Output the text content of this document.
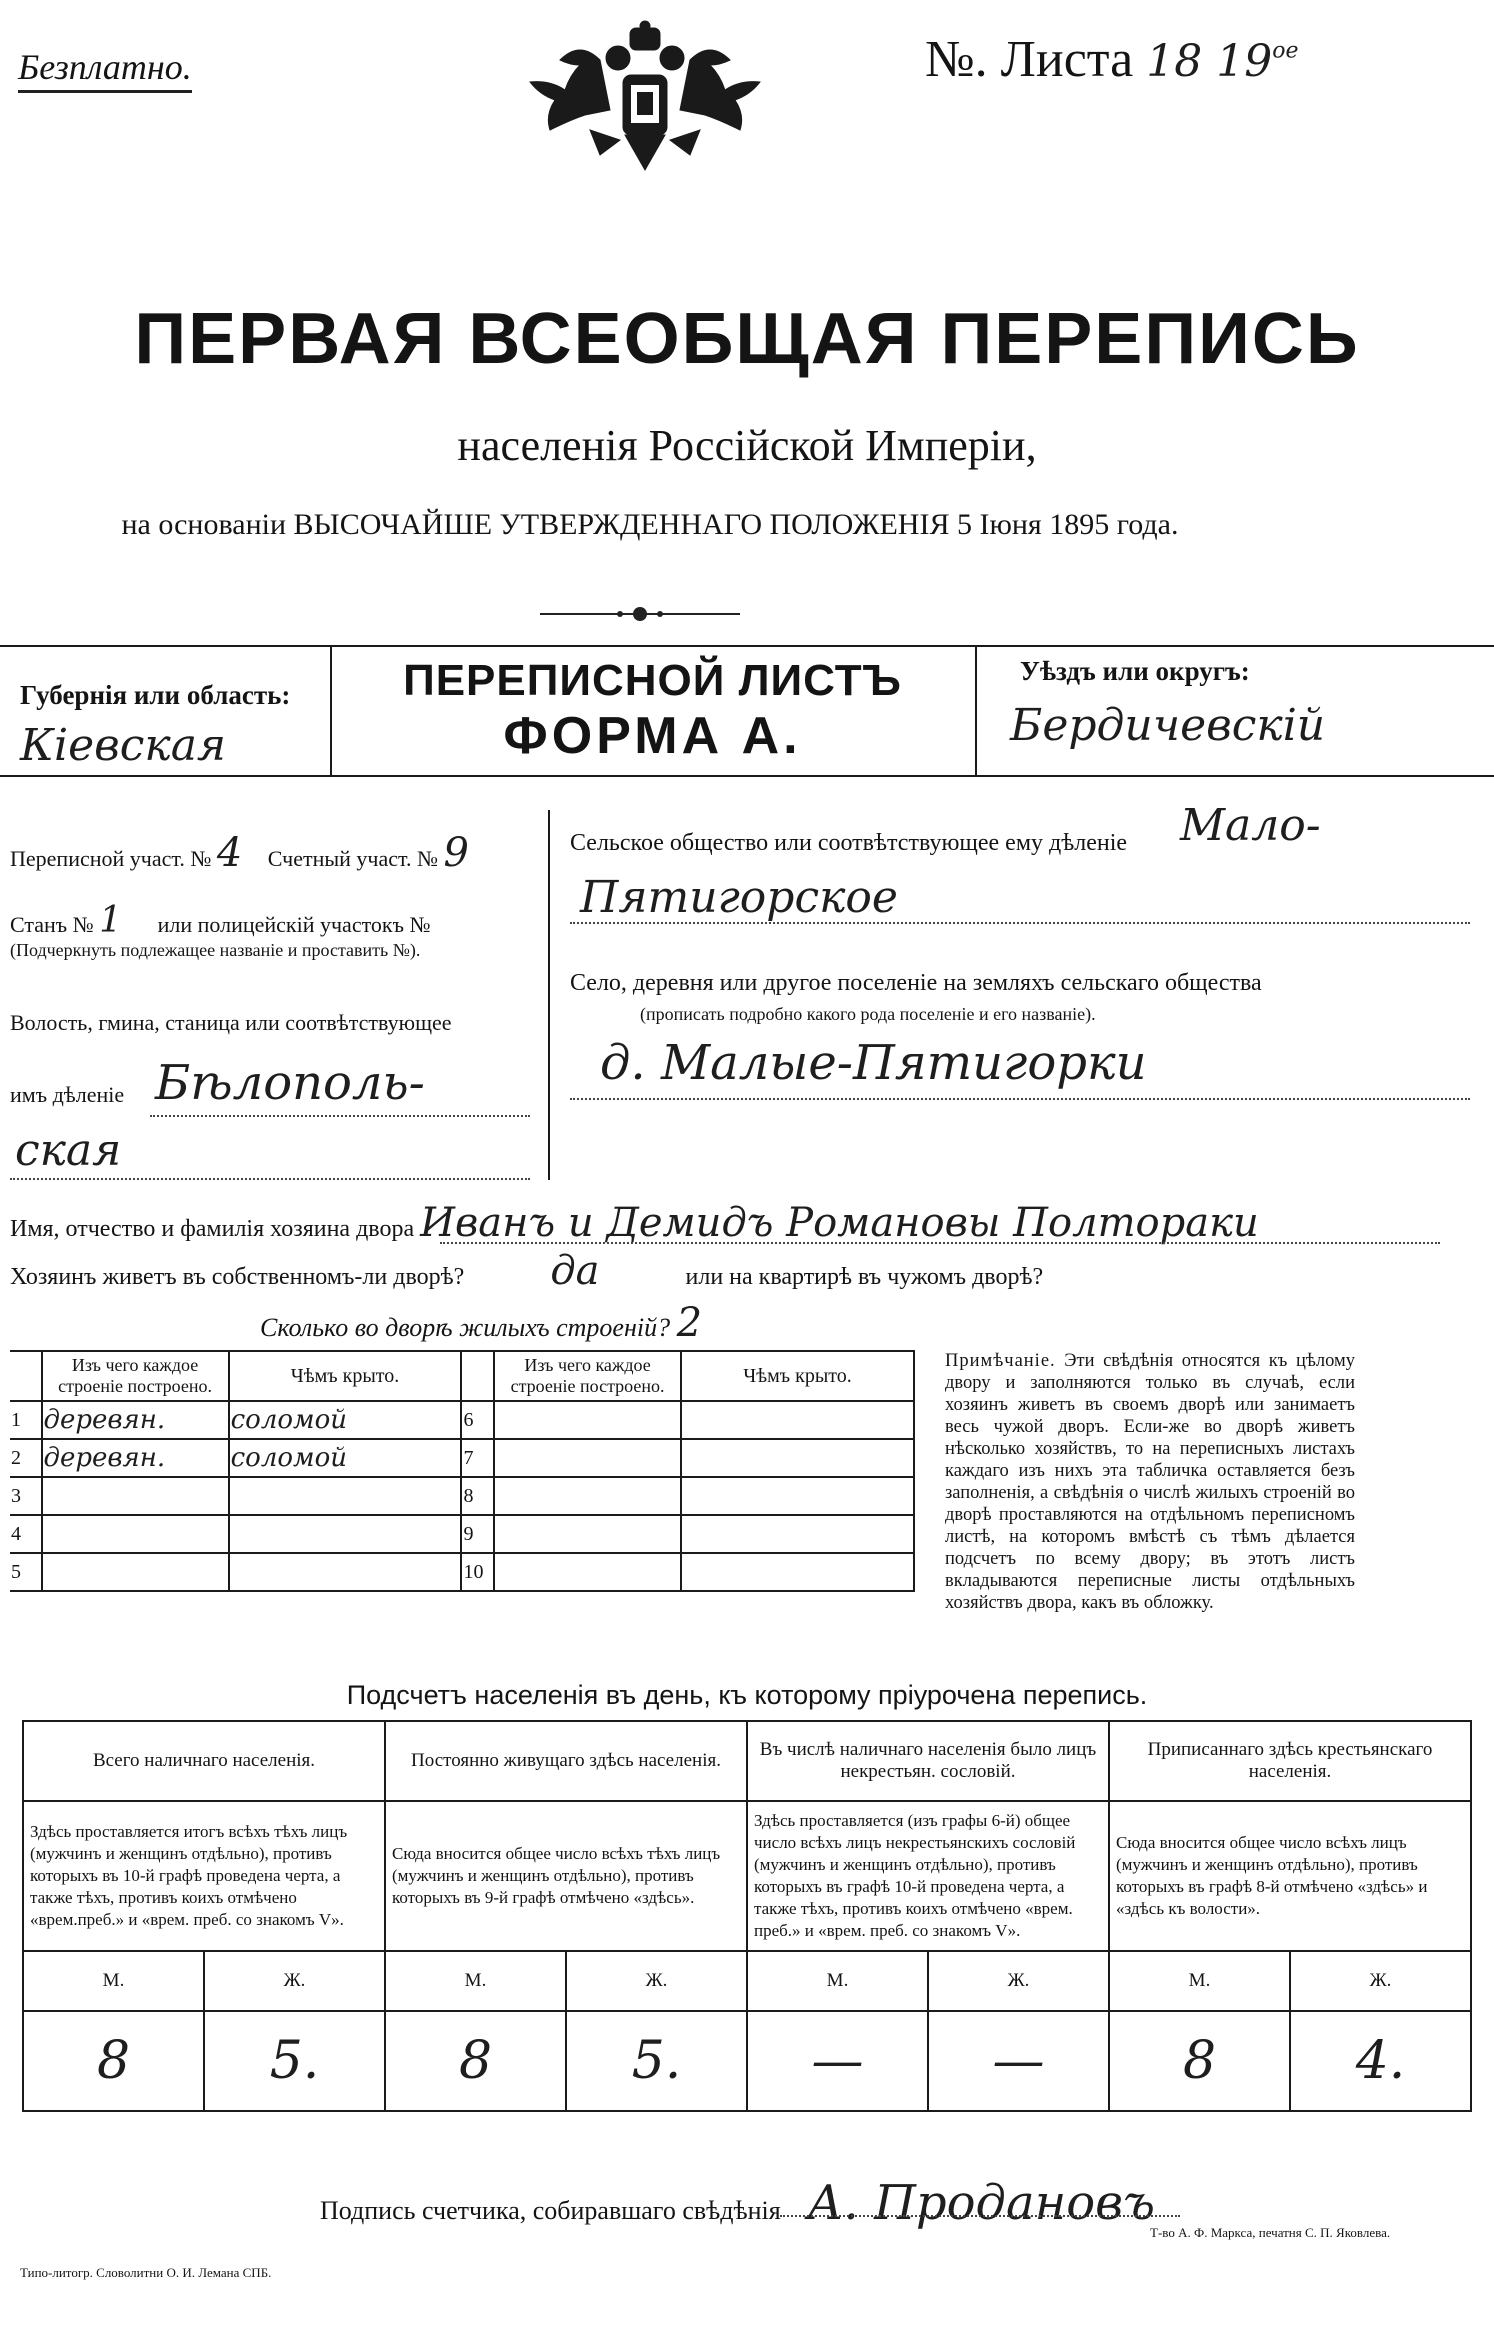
Безплатно.	№. Листа 18 $19^{ое}$
ПЕРВАЯ ВСЕОБЩАЯ ПЕРЕПИСЬ
населенія Россійской Имперіи,
на основаніи ВЫСОЧАЙШЕ УТВЕРЖДЕННАГО ПОЛОЖЕНІЯ 5 Іюня 1895 года.
Губернія или область:
Кіевская
ПЕРЕПИСНОЙ ЛИСТЪ
ФОРМА А.
Уѣздъ или округъ:
Бердичевскій
Переписной участ. № 4 Счетный участ. № 9
Станъ № 1 или полицейскій участокъ №
(Подчеркнуть подлежащее названіе и проставить №).
Волость, гмина, станица или соотвѣтствующее
имъ дѣленіе Бѣлополь-
ская
Сельское общество или соотвѣтствующее ему дѣленіе Мало-
Пятигорское
Село, деревня или другое поселеніе на земляхъ сельскаго общества
(прописать подробно какого рода поселеніе и его названіе).
д. Малые-Пятигорки
Имя, отчество и фамилія хозяина двора Иванъ и Демидъ Романовы Полтораки
Хозяинъ живетъ въ собственномъ-ли дворѣ? да	или на квартирѣ въ чужомъ дворѣ?
Сколько во дворѣ жилыхъ строеній? 2
	Изъ чего каждое строеніе построено.	Чѣмъ крыто.		Изъ чего каждое строеніе построено.	Чѣмъ крыто.
1	деревян.	соломой	6		
2	деревян.	соломой	7		
3			8		
4			9		
5			10		
Примѣчаніе. Эти свѣдѣнія относятся къ цѣлому двору и заполняются только въ случаѣ, если хозяинъ живетъ въ своемъ дворѣ или занимаетъ весь чужой дворъ. Если-же во дворѣ живетъ нѣсколько хозяйствъ, то на переписныхъ листахъ каждаго изъ нихъ эта табличка оставляется безъ заполненія, а свѣдѣнія о числѣ жилыхъ строеній во дворѣ проставляются на отдѣльномъ переписномъ листѣ, на которомъ вмѣстѣ съ тѣмъ дѣлается подсчетъ по всему двору; въ этотъ листъ вкладываются переписные листы отдѣльныхъ хозяйствъ двора, какъ въ обложку.
Подсчетъ населенія въ день, къ которому пріурочена перепись.
Всего наличнаго населенія.		Постоянно живущаго здѣсь населенія.		Въ числѣ наличнаго населенія было лицъ некрестьян. сословій.		Приписаннаго здѣсь крестьянскаго населенія.	
Здѣсь проставляется итогъ всѣхъ тѣхъ лицъ (мужчинъ и женщинъ отдѣльно), противъ которыхъ въ 10-й графѣ проведена черта, а также тѣхъ, противъ коихъ отмѣчено «врем.преб.» и «врем. преб. со знакомъ V».		Сюда вносится общее число всѣхъ тѣхъ лицъ (мужчинъ и женщинъ отдѣльно), противъ которыхъ въ 9-й графѣ отмѣчено «здѣсь».		Здѣсь проставляется (изъ графы 6-й) общее число всѣхъ лицъ некрестьянскихъ сословій (мужчинъ и женщинъ отдѣльно), противъ которыхъ въ графѣ 10-й проведена черта, а также тѣхъ, противъ коихъ отмѣчено «врем. преб.» и «врем. преб. со знакомъ V».		Сюда вносится общее число всѣхъ лицъ (мужчинъ и женщинъ отдѣльно), противъ которыхъ въ графѣ 8-й отмѣчено «здѣсь» и «здѣсь къ волости».	
М.	Ж.	М.	Ж.	М.	Ж.	М.	Ж.
8	5.	8	5.	—	—	8	4.
Подпись счетчика, собиравшаго свѣдѣнія А. Продановъ
Т-во А. Ф. Маркса, печатня С. П. Яковлева.
Типо-литогр. Словолитни О. И. Лемана СПБ.
